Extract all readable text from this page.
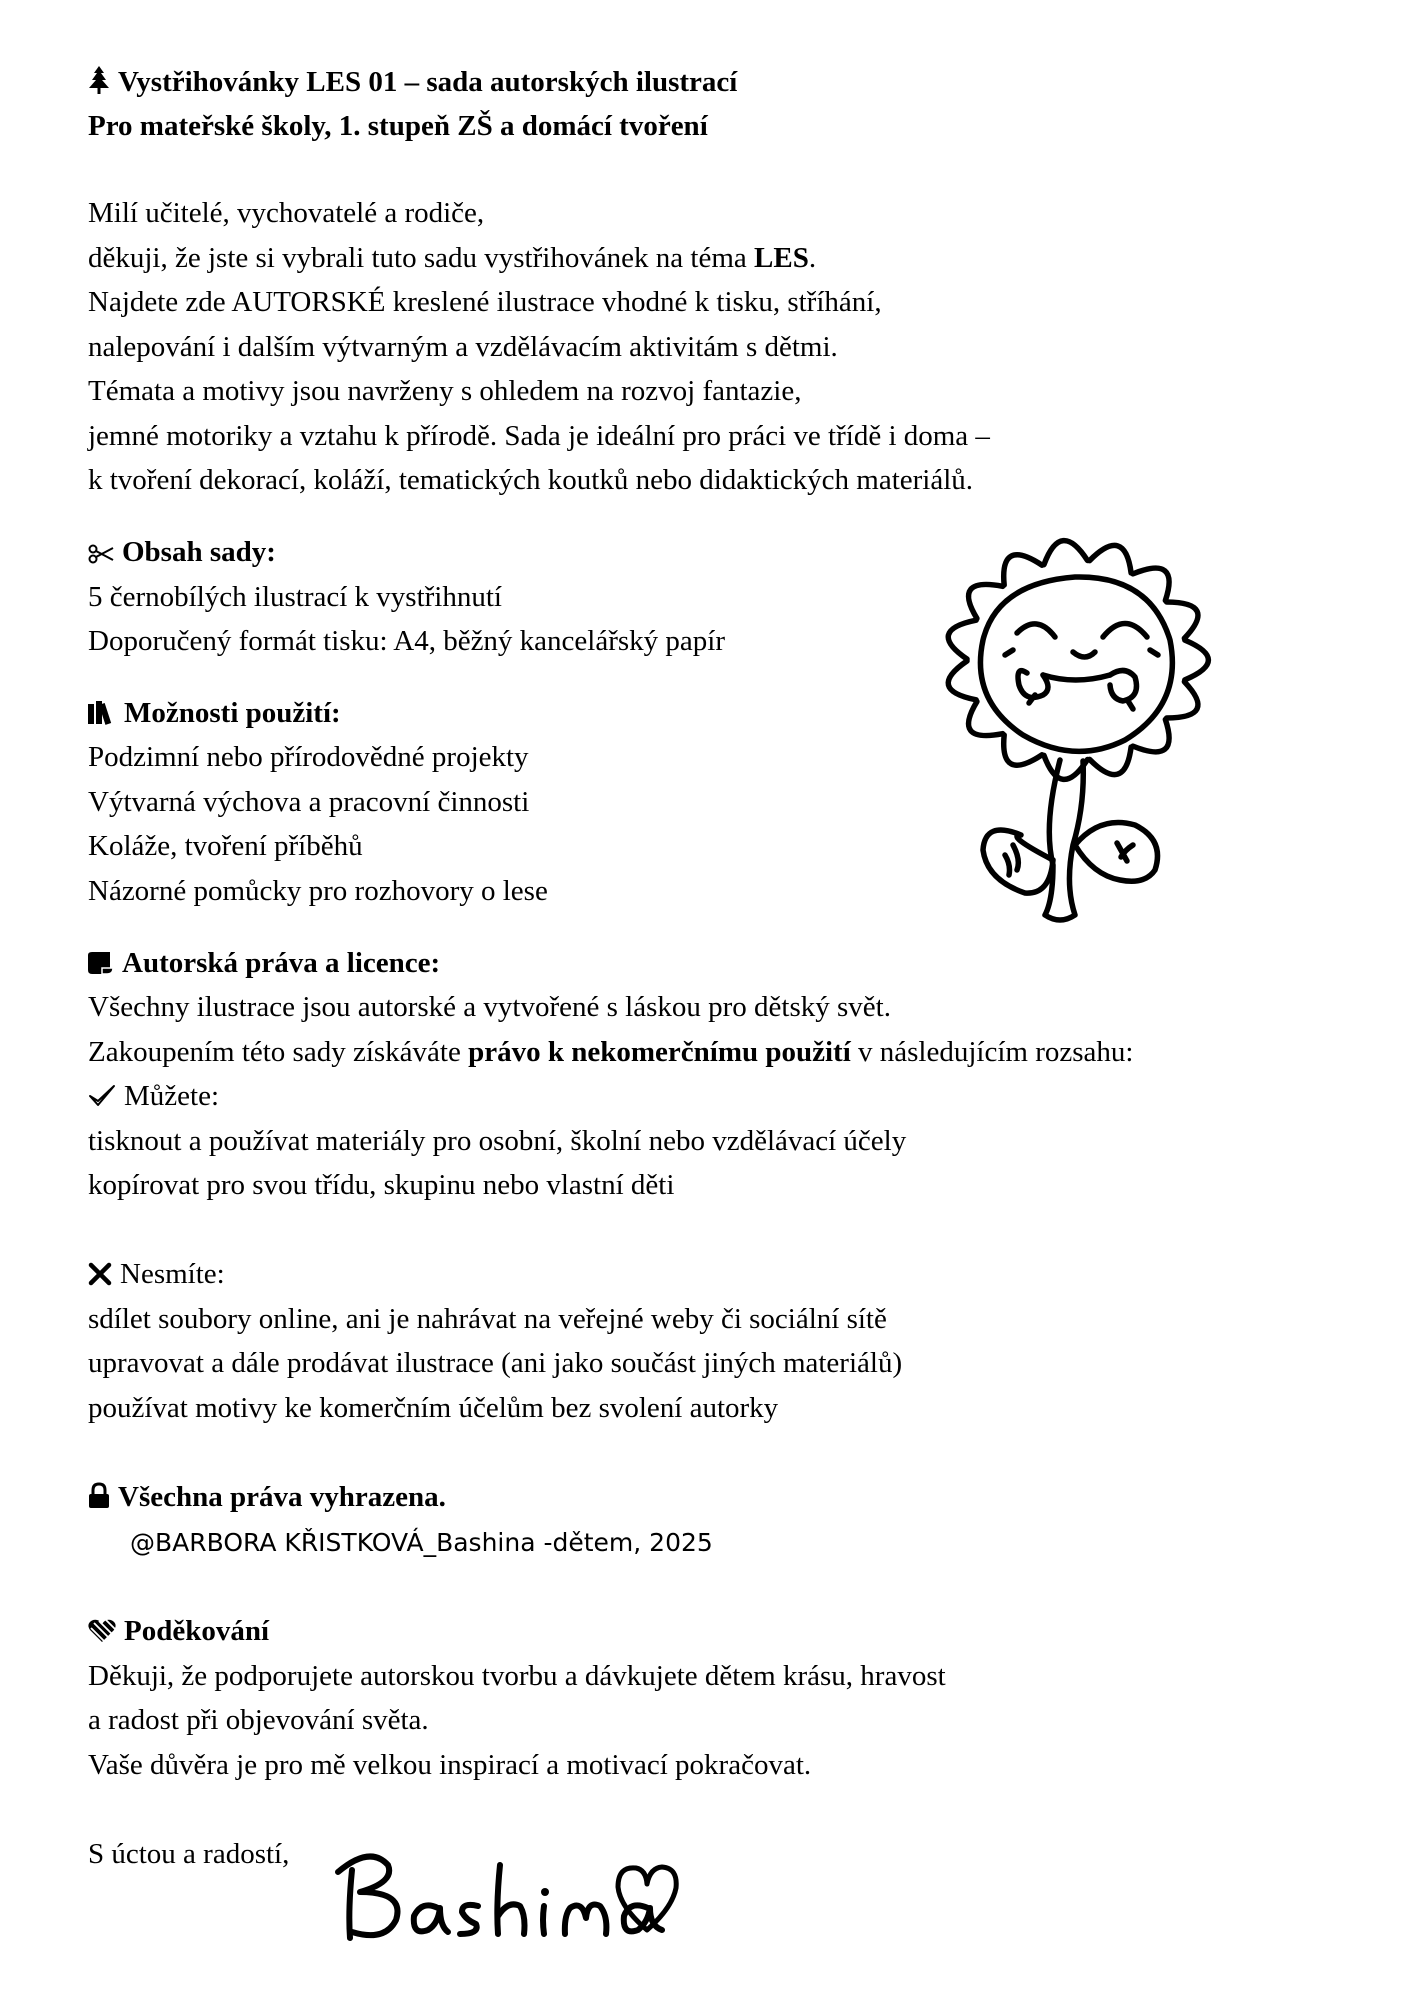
Vystřihovánky LES 01 – sada autorských ilustrací
Pro mateřské školy, 1. stupeň ZŠ a domácí tvoření
Milí učitelé, vychovatelé a rodiče,
děkuji, že jste si vybrali tuto sadu vystřihovánek na téma LES.
Najdete zde AUTORSKÉ kreslené ilustrace vhodné k tisku, stříhání,
nalepování i dalším výtvarným a vzdělávacím aktivitám s dětmi.
Témata a motivy jsou navrženy s ohledem na rozvoj fantazie,
jemné motoriky a vztahu k přírodě. Sada je ideální pro práci ve třídě i doma –
k tvoření dekorací, koláží, tematických koutků nebo didaktických materiálů.
Obsah sady:
5 černobílých ilustrací k vystřihnutí
Doporučený formát tisku: A4, běžný kancelářský papír
Možnosti použití:
Podzimní nebo přírodovědné projekty
Výtvarná výchova a pracovní činnosti
Koláže, tvoření příběhů
Názorné pomůcky pro rozhovory o lese
Autorská práva a licence:
Všechny ilustrace jsou autorské a vytvořené s láskou pro dětský svět.
Zakoupením této sady získáváte právo k nekomerčnímu použití v následujícím rozsahu:
Můžete:
tisknout a používat materiály pro osobní, školní nebo vzdělávací účely
kopírovat pro svou třídu, skupinu nebo vlastní děti
Nesmíte:
sdílet soubory online, ani je nahrávat na veřejné weby či sociální sítě
upravovat a dále prodávat ilustrace (ani jako součást jiných materiálů)
používat motivy ke komerčním účelům bez svolení autorky
Všechna práva vyhrazena.
@BARBORA KŘISTKOVÁ_Bashina -dětem, 2025
Poděkování
Děkuji, že podporujete autorskou tvorbu a dávkujete dětem krásu, hravost
a radost při objevování světa.
Vaše důvěra je pro mě velkou inspirací a motivací pokračovat.
S úctou a radostí,
